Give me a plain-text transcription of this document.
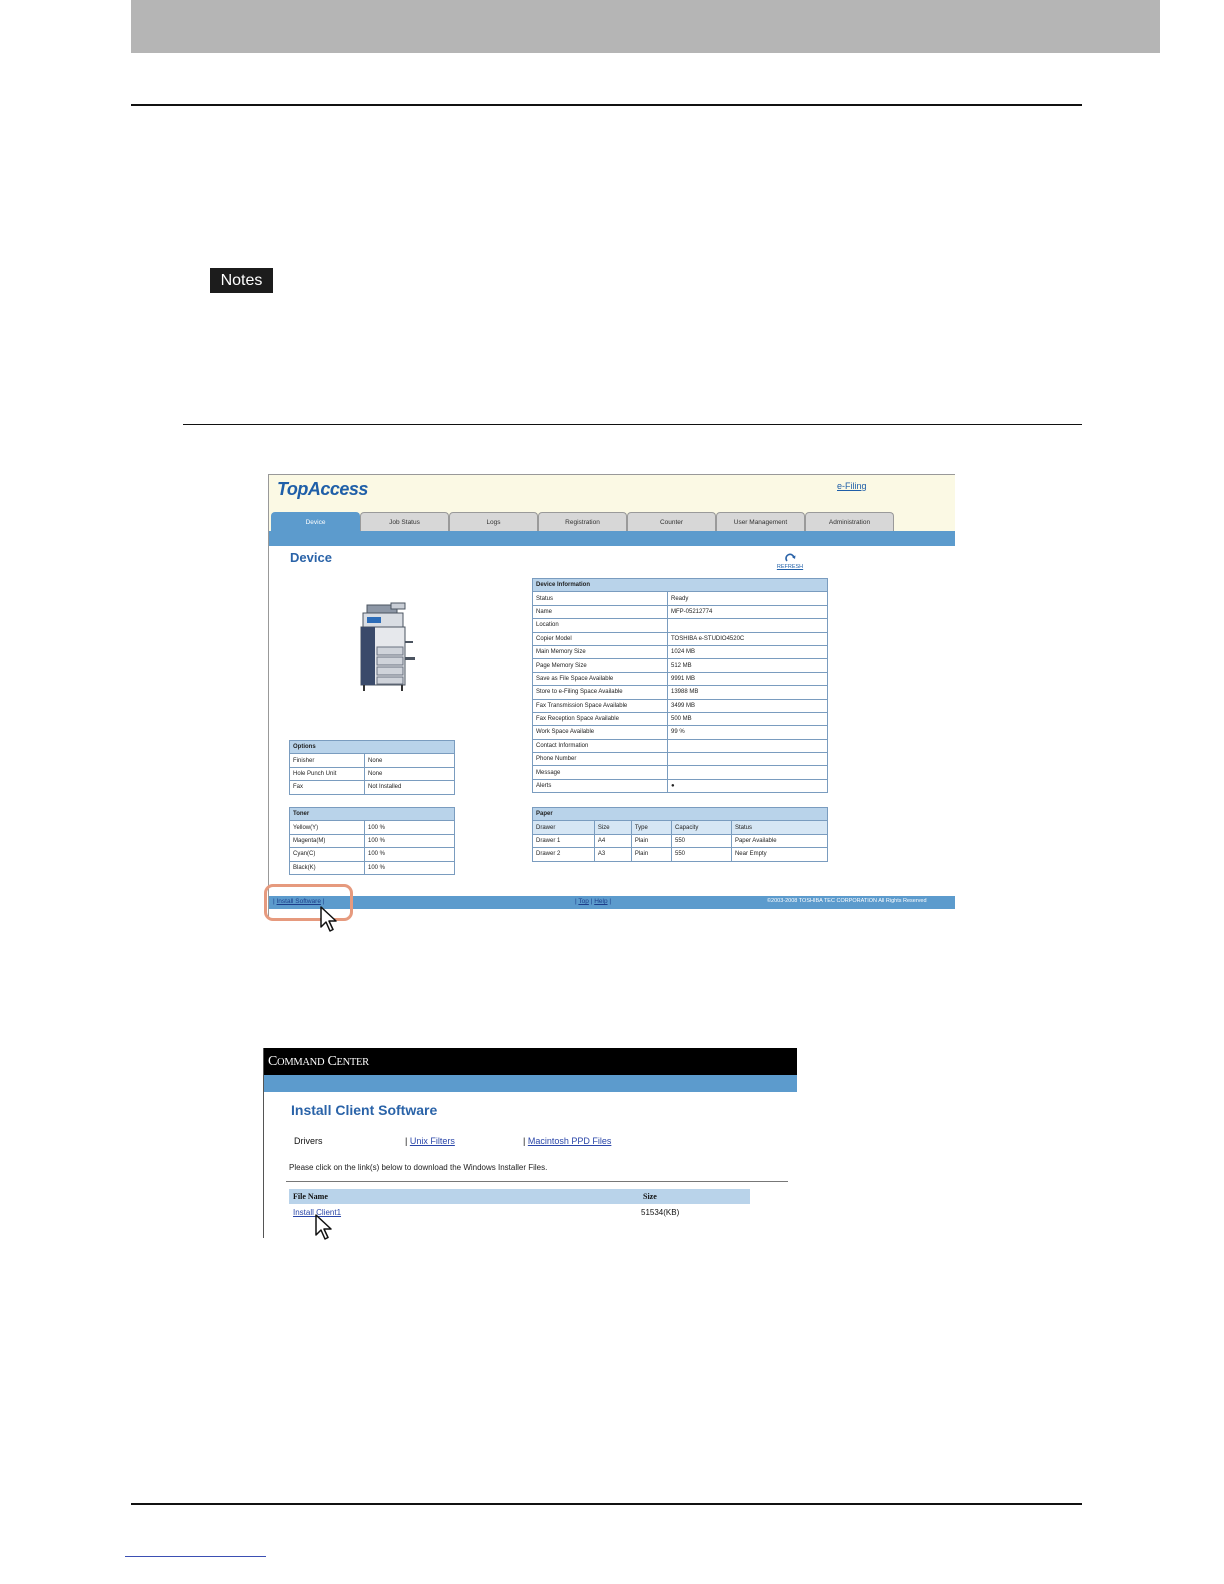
Notes
TopAccess	e-Filing
Device	Job Status	Logs	Registration	Counter	User Management	Administration
Device
REFRESH
Device Information	
Status	Ready
Name	MFP-05212774
Location	
Copier Model	TOSHIBA e-STUDIO4520C
Main Memory Size	1024 MB
Page Memory Size	512 MB
Save as File Space Available	9991 MB
Store to e-Filing Space Available	13988 MB
Fax Transmission Space Available	3499 MB
Fax Reception Space Available	500 MB
Work Space Available	99 %
Contact Information	
Phone Number	
Message	
Alerts	●
Options	
Finisher	None
Hole Punch Unit	None
Fax	Not Installed
Toner	
Yellow(Y)	100 %
Magenta(M)	100 %
Cyan(C)	100 %
Black(K)	100 %
Paper				
Drawer	Size	Type	Capacity	Status
Drawer 1	A4	Plain	550	Paper Available
Drawer 2	A3	Plain	550	Near Empty
| Install Software |	| Top | Help |	©2003-2008 TOSHIBA TEC CORPORATION All Rights Reserved
COMMAND CENTER
Install Client Software
Drivers	| Unix Filters	| Macintosh PPD Files
Please click on the link(s) below to download the Windows Installer Files.
File Name	Size
Install Client1	51534(KB)
